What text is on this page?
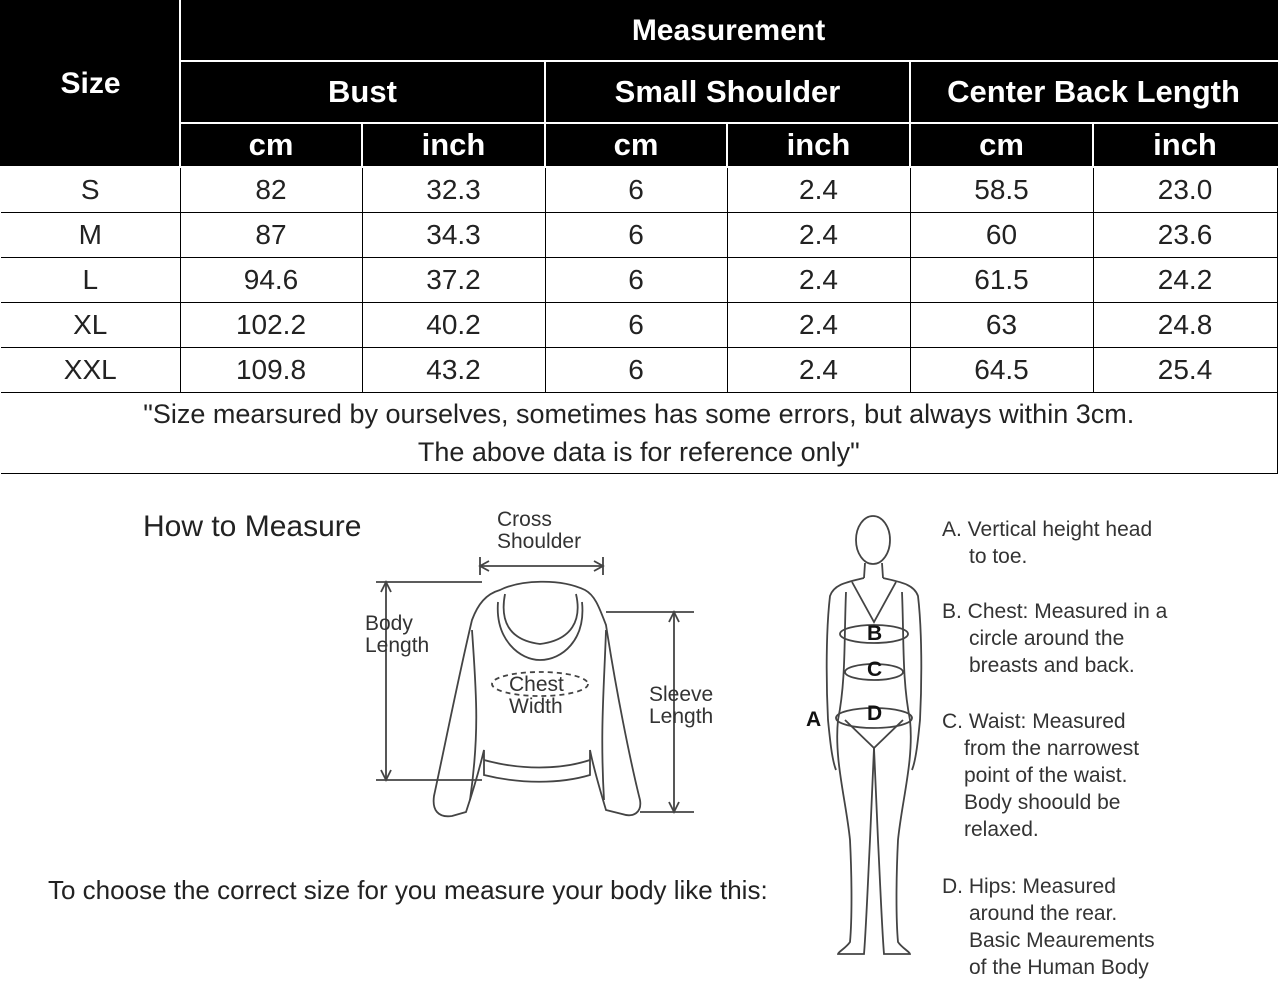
Size	Measurement					
	Bust		Small Shoulder		Center Back Length	
	cm	inch	cm	inch	cm	inch
S	82	32.3	6	2.4	58.5	23.0
M	87	34.3	6	2.4	60	23.6
L	94.6	37.2	6	2.4	61.5	24.2
XL	102.2	40.2	6	2.4	63	24.8
XXL	109.8	43.2	6	2.4	64.5	25.4

"Size mearsured by ourselves, sometimes has some errors, but always within 3cm.
The above data is for reference only"						
How to Measure	Cross
Shoulder
Body
Length
Chest
Width
Sleeve
Length
To choose the correct size for you measure your body like this:
A
B
C
D
A. Vertical height head
to toe.
B. Chest: Measured in a
circle around the
breasts and back.
C. Waist: Measured
from the narrowest
point of the waist.
Body shoould be
relaxed.
D. Hips: Measured
around the rear.
Basic Meaurements
of the Human Body
